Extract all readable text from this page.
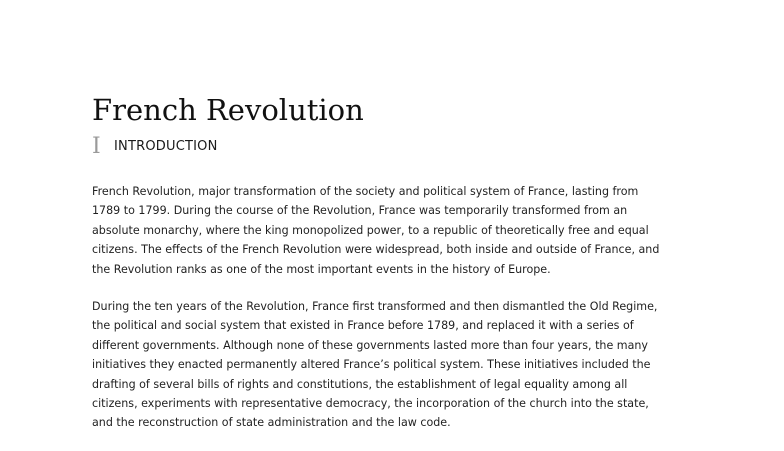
French Revolution
I	INTRODUCTION

French Revolution, major transformation of the society and political system of France, lasting from
1789 to 1799. During the course of the Revolution, France was temporarily transformed from an
absolute monarchy, where the king monopolized power, to a republic of theoretically free and equal
citizens. The effects of the French Revolution were widespread, both inside and outside of France, and
the Revolution ranks as one of the most important events in the history of Europe.

During the ten years of the Revolution, France first transformed and then dismantled the Old Regime,
the political and social system that existed in France before 1789, and replaced it with a series of
different governments. Although none of these governments lasted more than four years, the many
initiatives they enacted permanently altered France’s political system. These initiatives included the
drafting of several bills of rights and constitutions, the establishment of legal equality among all
citizens, experiments with representative democracy, the incorporation of the church into the state,
and the reconstruction of state administration and the law code.
